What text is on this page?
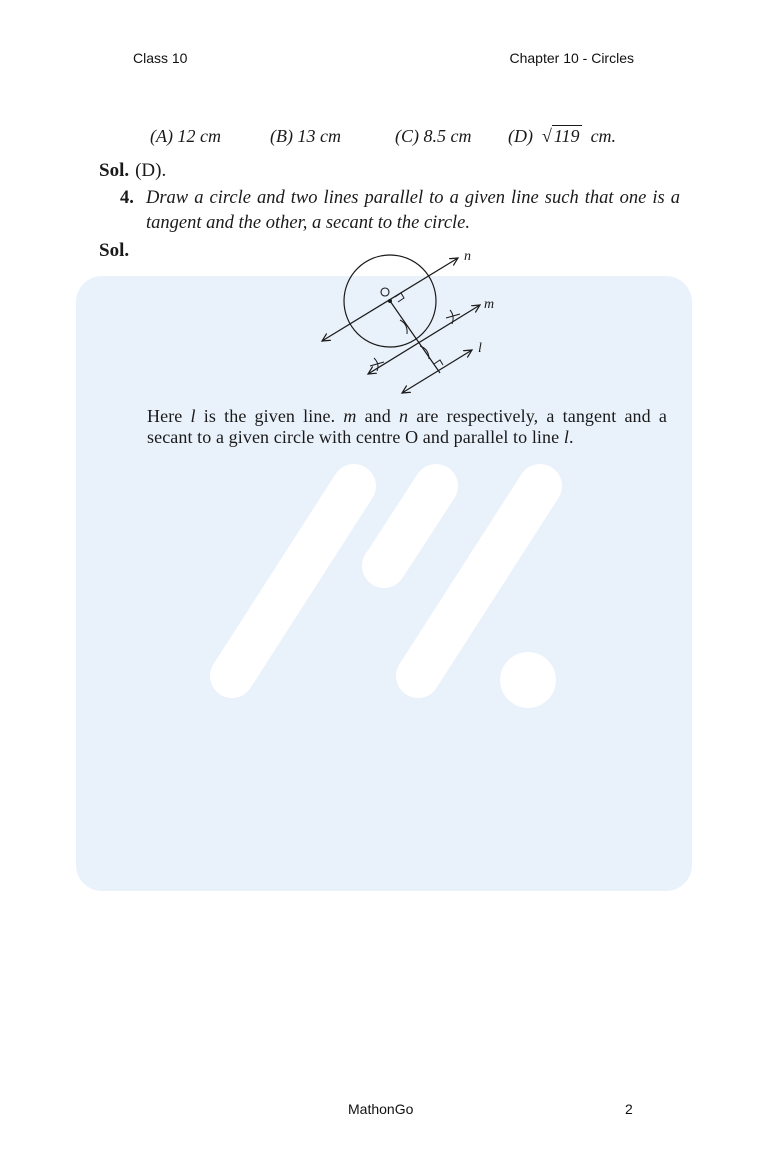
Class 10	Chapter 10 - Circles
(A) 12 cm	(B) 13 cm	(C) 8.5 cm (D) √ 119 cm.
Sol. (D).
4. Draw a circle and two lines parallel to a given line such that one is a tangent and the other, a secant to the circle.
Sol.	n
m
l
Here l is the given line. m and n are respectively, a tangent and a secant to a given circle with centre O and parallel to line l.
MathonGo	2
